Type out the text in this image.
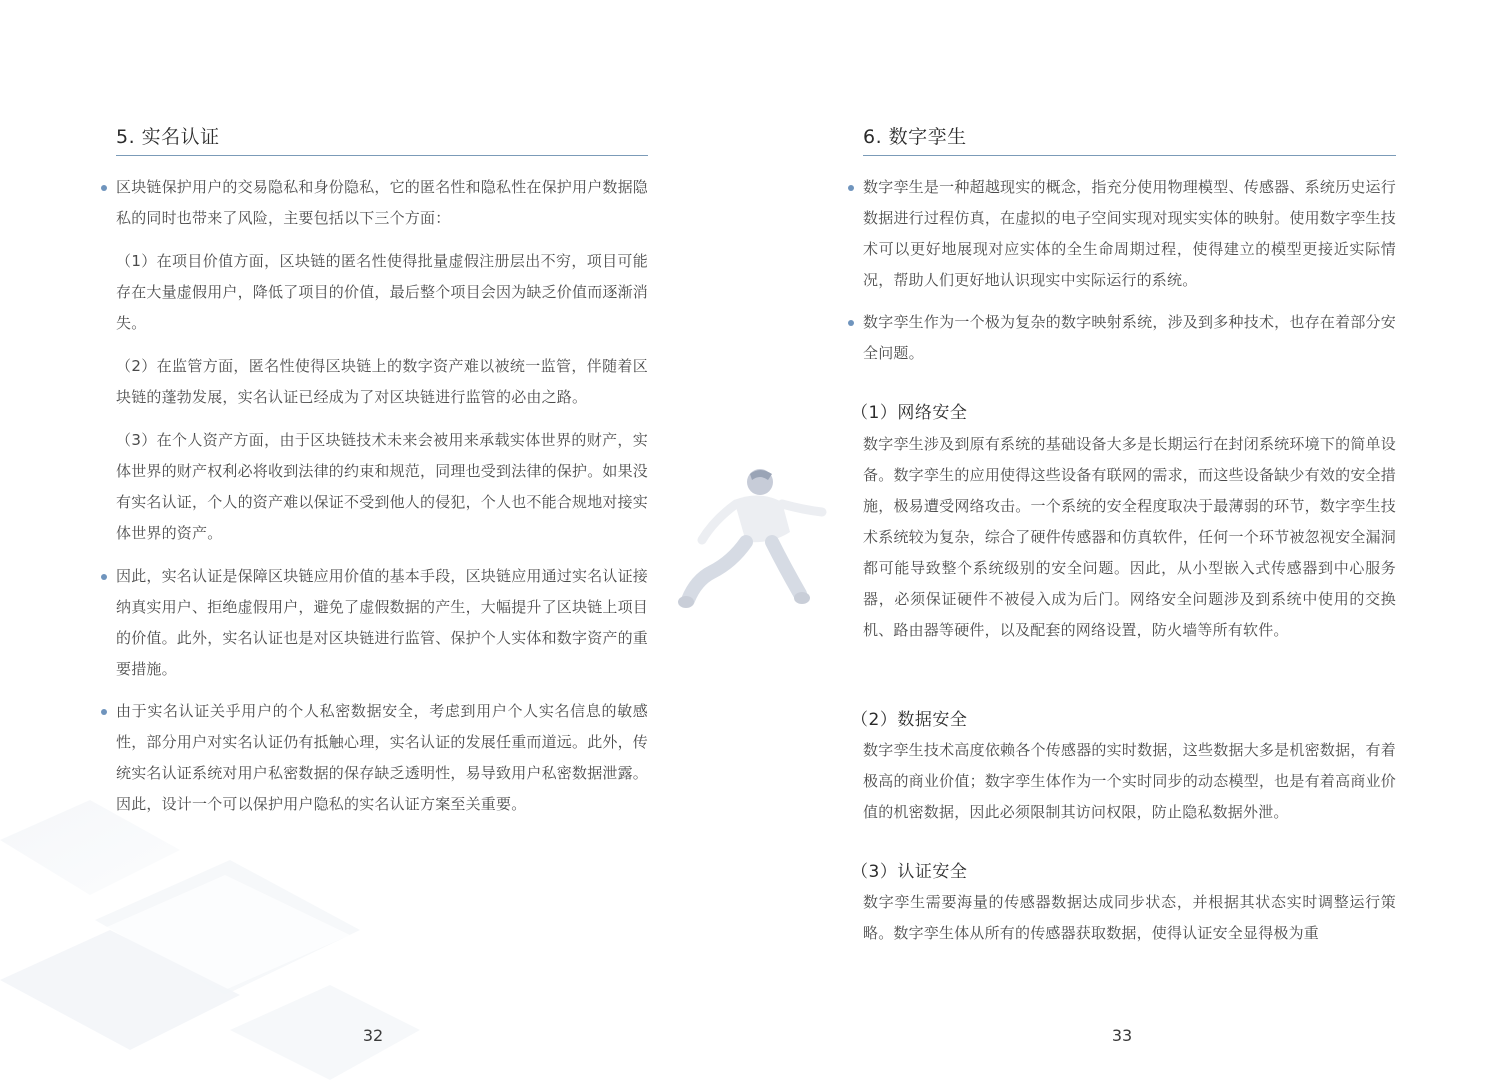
5. 实名认证
区块链保护用户的交易隐私和身份隐私，它的匿名性和隐私性在保护用户数据隐私的同时也带来了风险，主要包括以下三个方面：
（1）在项目价值方面，区块链的匿名性使得批量虚假注册层出不穷，项目可能存在大量虚假用户，降低了项目的价值，最后整个项目会因为缺乏价值而逐渐消失。
（2）在监管方面，匿名性使得区块链上的数字资产难以被统一监管，伴随着区块链的蓬勃发展，实名认证已经成为了对区块链进行监管的必由之路。
（3）在个人资产方面，由于区块链技术未来会被用来承载实体世界的财产，实体世界的财产权利必将收到法律的约束和规范，同理也受到法律的保护。如果没有实名认证，个人的资产难以保证不受到他人的侵犯，个人也不能合规地对接实体世界的资产。
因此，实名认证是保障区块链应用价值的基本手段，区块链应用通过实名认证接纳真实用户、拒绝虚假用户，避免了虚假数据的产生，大幅提升了区块链上项目的价值。此外，实名认证也是对区块链进行监管、保护个人实体和数字资产的重要措施。
由于实名认证关乎用户的个人私密数据安全，考虑到用户个人实名信息的敏感性，部分用户对实名认证仍有抵触心理，实名认证的发展任重而道远。此外，传统实名认证系统对用户私密数据的保存缺乏透明性，易导致用户私密数据泄露。因此，设计一个可以保护用户隐私的实名认证方案至关重要。
32
6. 数字孪生
数字孪生是一种超越现实的概念，指充分使用物理模型、传感器、系统历史运行数据进行过程仿真，在虚拟的电子空间实现对现实实体的映射。使用数字孪生技术可以更好地展现对应实体的全生命周期过程，使得建立的模型更接近实际情况，帮助人们更好地认识现实中实际运行的系统。
数字孪生作为一个极为复杂的数字映射系统，涉及到多种技术，也存在着部分安全问题。
（1）网络安全
数字孪生涉及到原有系统的基础设备大多是长期运行在封闭系统环境下的简单设备。数字孪生的应用使得这些设备有联网的需求，而这些设备缺少有效的安全措施，极易遭受网络攻击。一个系统的安全程度取决于最薄弱的环节，数字孪生技术系统较为复杂，综合了硬件传感器和仿真软件，任何一个环节被忽视安全漏洞都可能导致整个系统级别的安全问题。因此，从小型嵌入式传感器到中心服务器，必须保证硬件不被侵入成为后门。网络安全问题涉及到系统中使用的交换机、路由器等硬件，以及配套的网络设置，防火墙等所有软件。
（2）数据安全
数字孪生技术高度依赖各个传感器的实时数据，这些数据大多是机密数据，有着极高的商业价值；数字孪生体作为一个实时同步的动态模型，也是有着高商业价值的机密数据，因此必须限制其访问权限，防止隐私数据外泄。
（3）认证安全
数字孪生需要海量的传感器数据达成同步状态，并根据其状态实时调整运行策略。数字孪生体从所有的传感器获取数据，使得认证安全显得极为重
33
